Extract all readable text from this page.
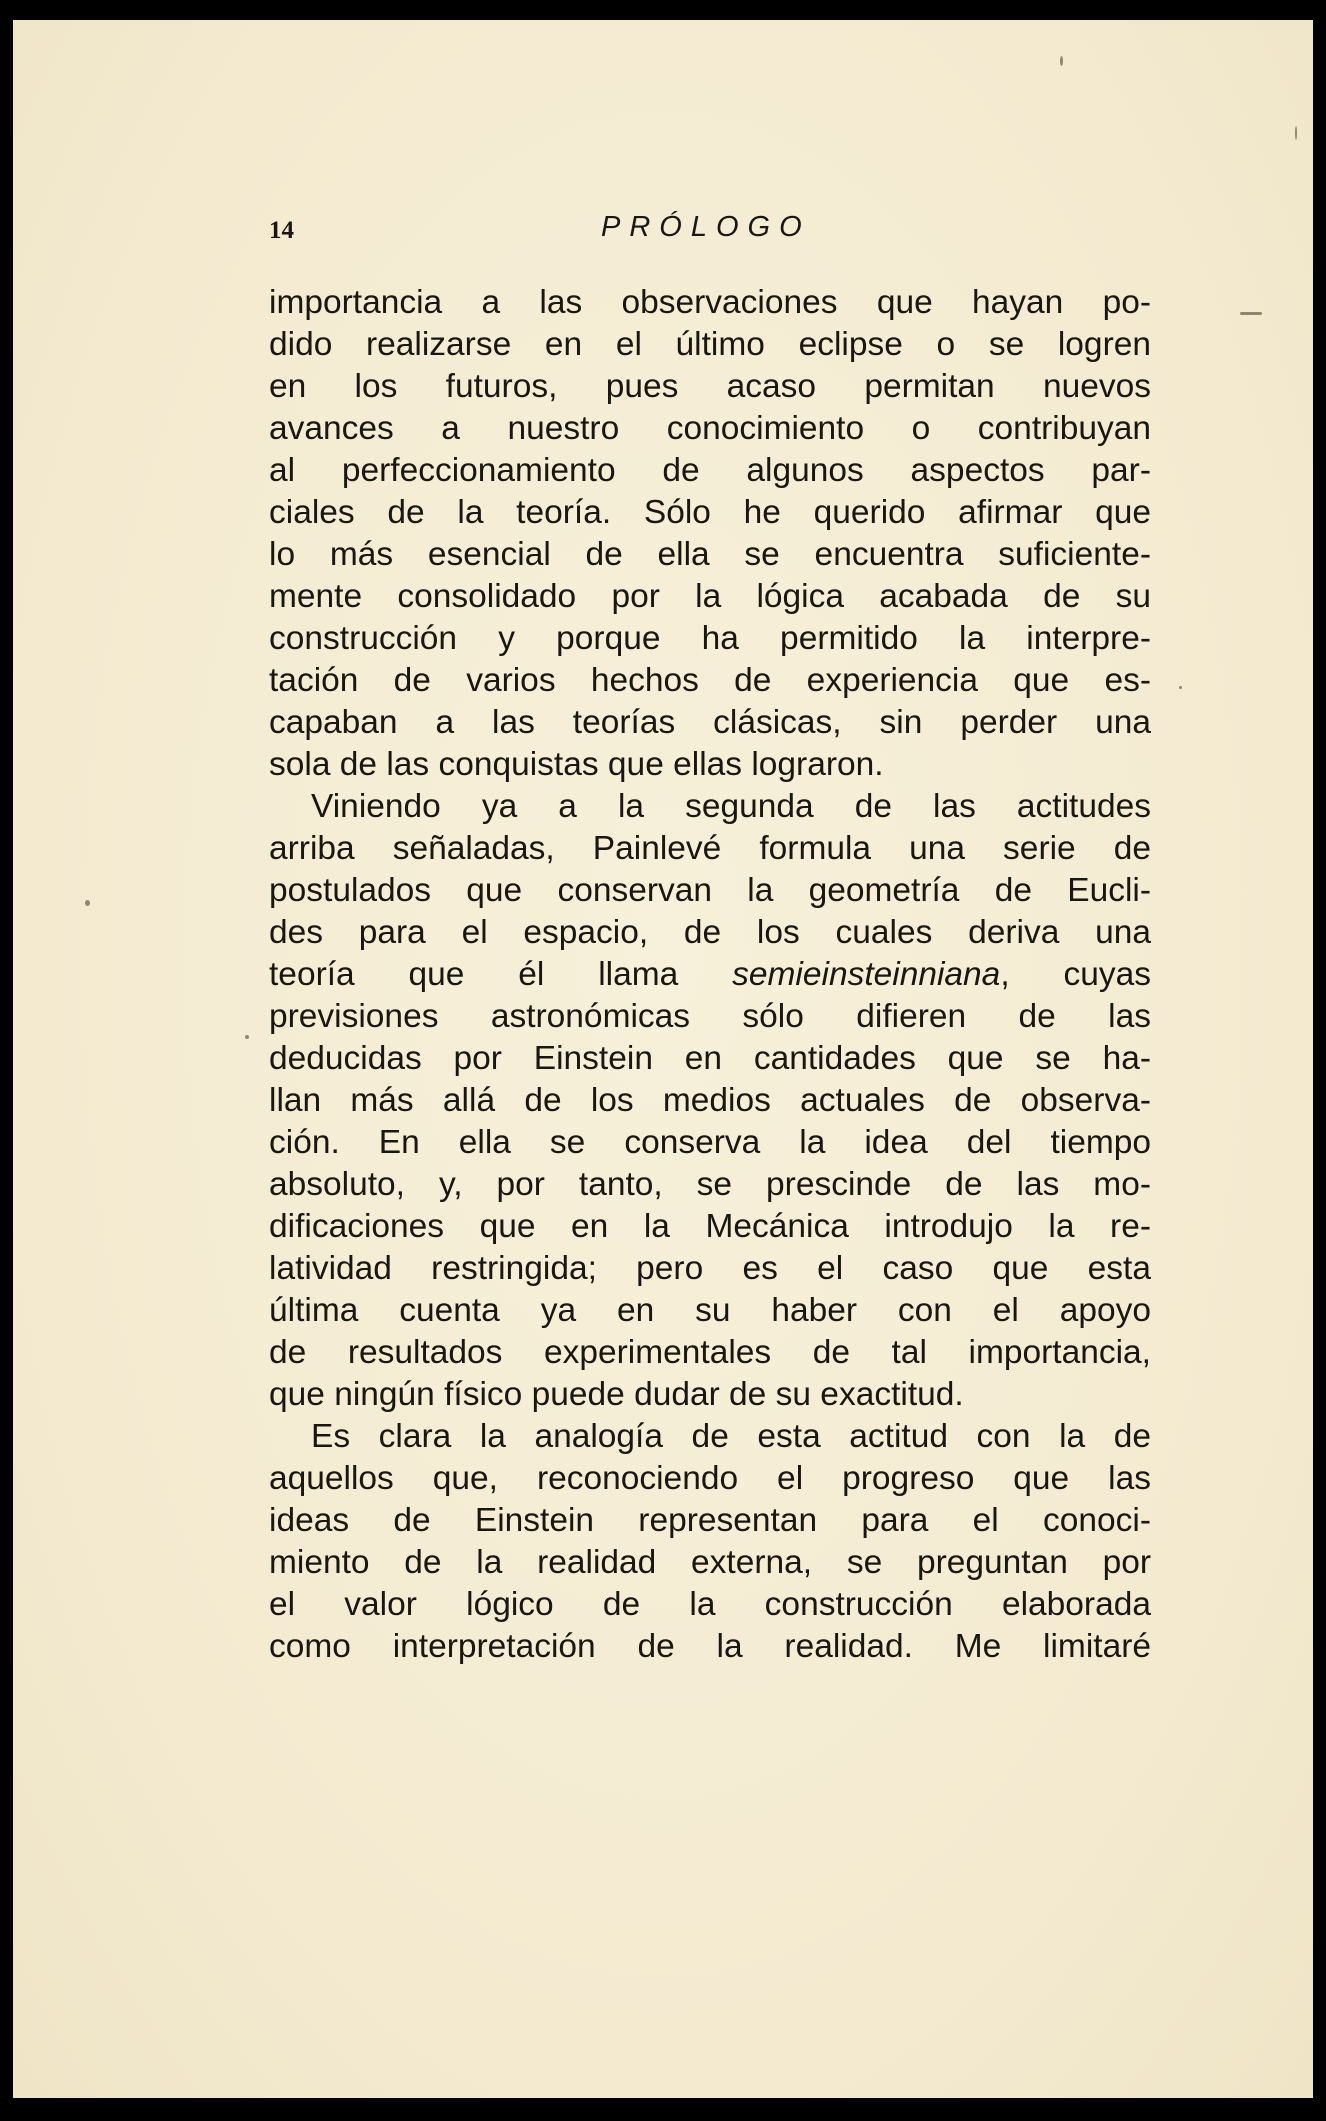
14	PRÓLOGO
importancia a las observaciones que hayan po-
dido realizarse en el último eclipse o se logren
en los futuros, pues acaso permitan nuevos
avances a nuestro conocimiento o contribuyan
al perfeccionamiento de algunos aspectos par-
ciales de la teoría. Sólo he querido afirmar que
lo más esencial de ella se encuentra suficiente-
mente consolidado por la lógica acabada de su
construcción y porque ha permitido la interpre-
tación de varios hechos de experiencia que es-
capaban a las teorías clásicas, sin perder una
sola de las conquistas que ellas lograron.
Viniendo ya a la segunda de las actitudes
arriba señaladas, Painlevé formula una serie de
postulados que conservan la geometría de Eucli-
des para el espacio, de los cuales deriva una
teoría que él llama semieinsteinniana, cuyas
previsiones astronómicas sólo difieren de las
deducidas por Einstein en cantidades que se ha-
llan más allá de los medios actuales de observa-
ción. En ella se conserva la idea del tiempo
absoluto, y, por tanto, se prescinde de las mo-
dificaciones que en la Mecánica introdujo la re-
latividad restringida; pero es el caso que esta
última cuenta ya en su haber con el apoyo
de resultados experimentales de tal importancia,
que ningún físico puede dudar de su exactitud.
Es clara la analogía de esta actitud con la de
aquellos que, reconociendo el progreso que las
ideas de Einstein representan para el conoci-
miento de la realidad externa, se preguntan por
el valor lógico de la construcción elaborada
como interpretación de la realidad. Me limitaré
